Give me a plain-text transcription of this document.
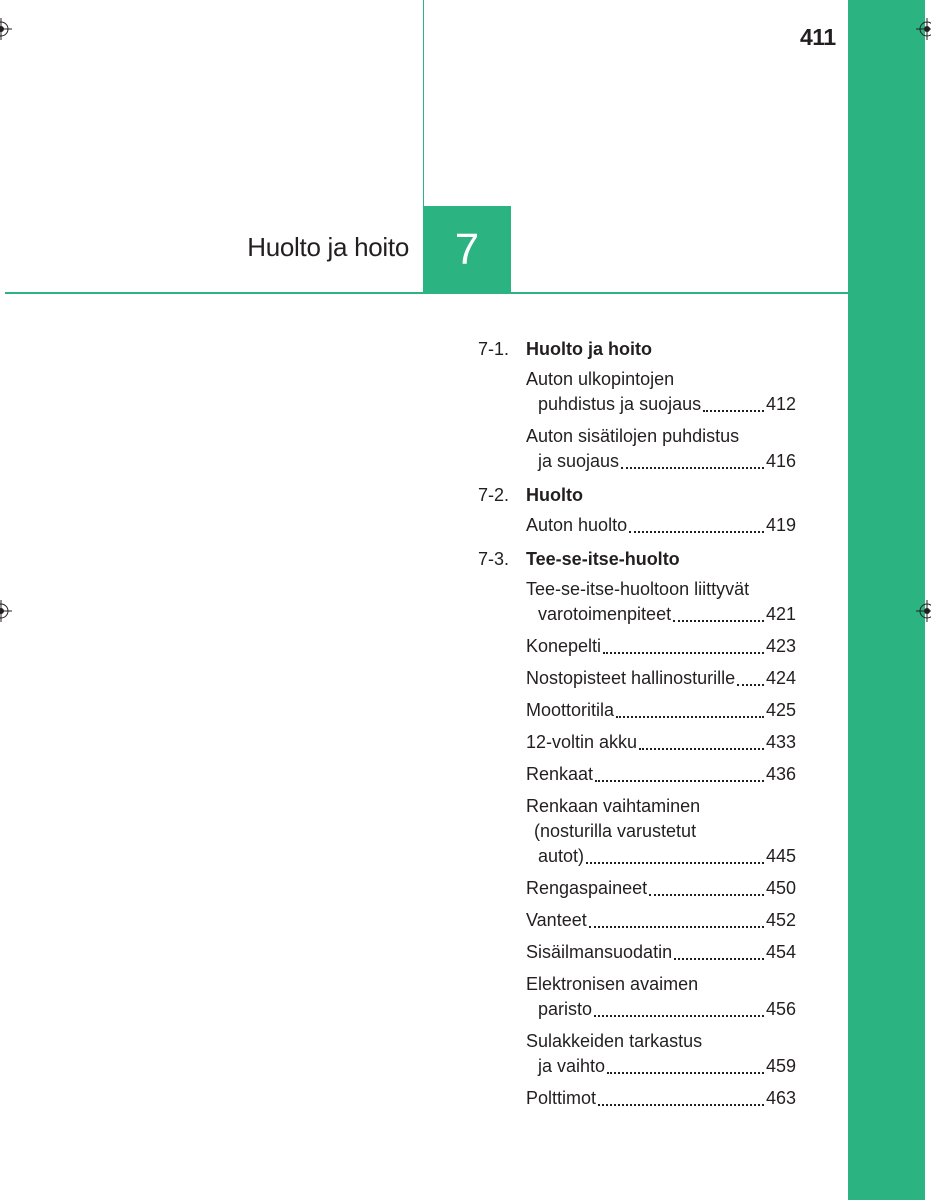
411
7
Huolto ja hoito
7-1. Huolto ja hoito
Auton ulkopintojen
puhdistus ja suojaus	412
Auton sisätilojen puhdistus
ja suojaus	416
7-2. Huolto
Auton huolto	419
7-3. Tee-se-itse-huolto
Tee-se-itse-huoltoon liittyvät
varotoimenpiteet	421
Konepelti	423
Nostopisteet hallinosturille 424
Moottoritila	425
12-voltin akku	433
Renkaat	436
Renkaan vaihtaminen
(nosturilla varustetut
autot)	445
Rengaspaineet	450
Vanteet	452
Sisäilmansuodatin	454
Elektronisen avaimen
paristo	456
Sulakkeiden tarkastus
ja vaihto	459
Polttimot	463
